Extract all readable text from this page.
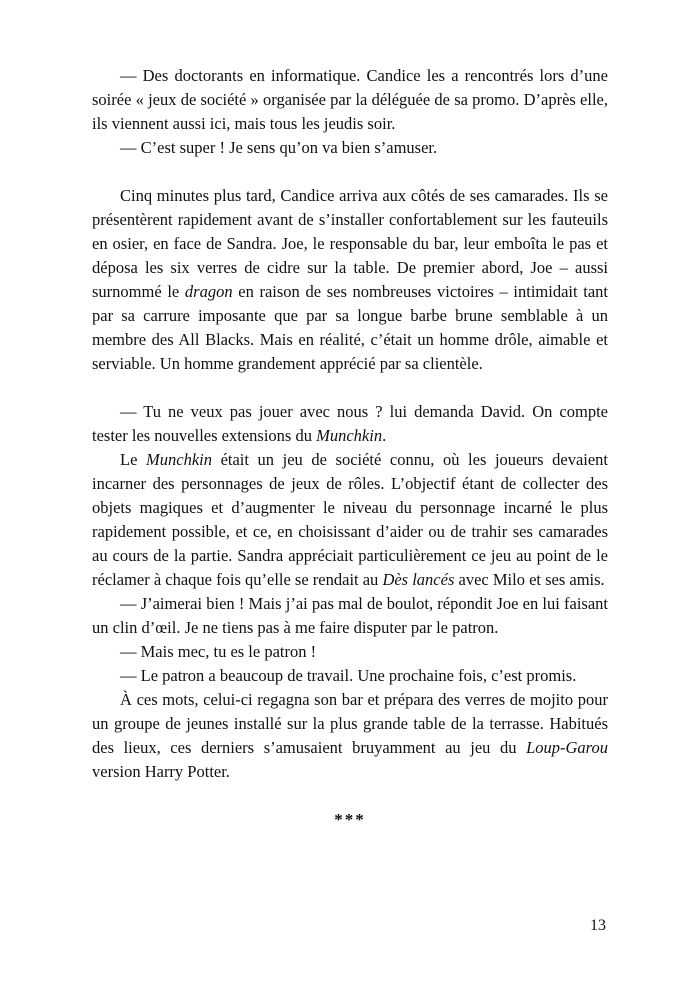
— Des doctorants en informatique. Candice les a rencontrés lors d’une soirée « jeux de société » organisée par la déléguée de sa promo. D’après elle, ils viennent aussi ici, mais tous les jeudis soir.

— C’est super ! Je sens qu’on va bien s’amuser.

Cinq minutes plus tard, Candice arriva aux côtés de ses camarades. Ils se présentèrent rapidement avant de s’installer confortablement sur les fauteuils en osier, en face de Sandra. Joe, le responsable du bar, leur emboîta le pas et déposa les six verres de cidre sur la table. De premier abord, Joe – aussi surnommé le dragon en raison de ses nombreuses victoires – intimidait tant par sa carrure imposante que par sa longue barbe brune semblable à un membre des All Blacks. Mais en réalité, c’était un homme drôle, aimable et serviable. Un homme grandement apprécié par sa clientèle.

— Tu ne veux pas jouer avec nous ? lui demanda David. On compte tester les nouvelles extensions du Munchkin.

Le Munchkin était un jeu de société connu, où les joueurs devaient incarner des personnages de jeux de rôles. L’objectif étant de collecter des objets magiques et d’augmenter le niveau du personnage incarné le plus rapidement possible, et ce, en choisissant d’aider ou de trahir ses camarades au cours de la partie. Sandra appréciait particulièrement ce jeu au point de le réclamer à chaque fois qu’elle se rendait au Dès lancés avec Milo et ses amis.

— J’aimerai bien ! Mais j’ai pas mal de boulot, répondit Joe en lui faisant un clin d’œil. Je ne tiens pas à me faire disputer par le patron.

— Mais mec, tu es le patron !

— Le patron a beaucoup de travail. Une prochaine fois, c’est promis.

À ces mots, celui-ci regagna son bar et prépara des verres de mojito pour un groupe de jeunes installé sur la plus grande table de la terrasse. Habitués des lieux, ces derniers s’amusaient bruyamment au jeu du Loup-Garou version Harry Potter.

***
13
